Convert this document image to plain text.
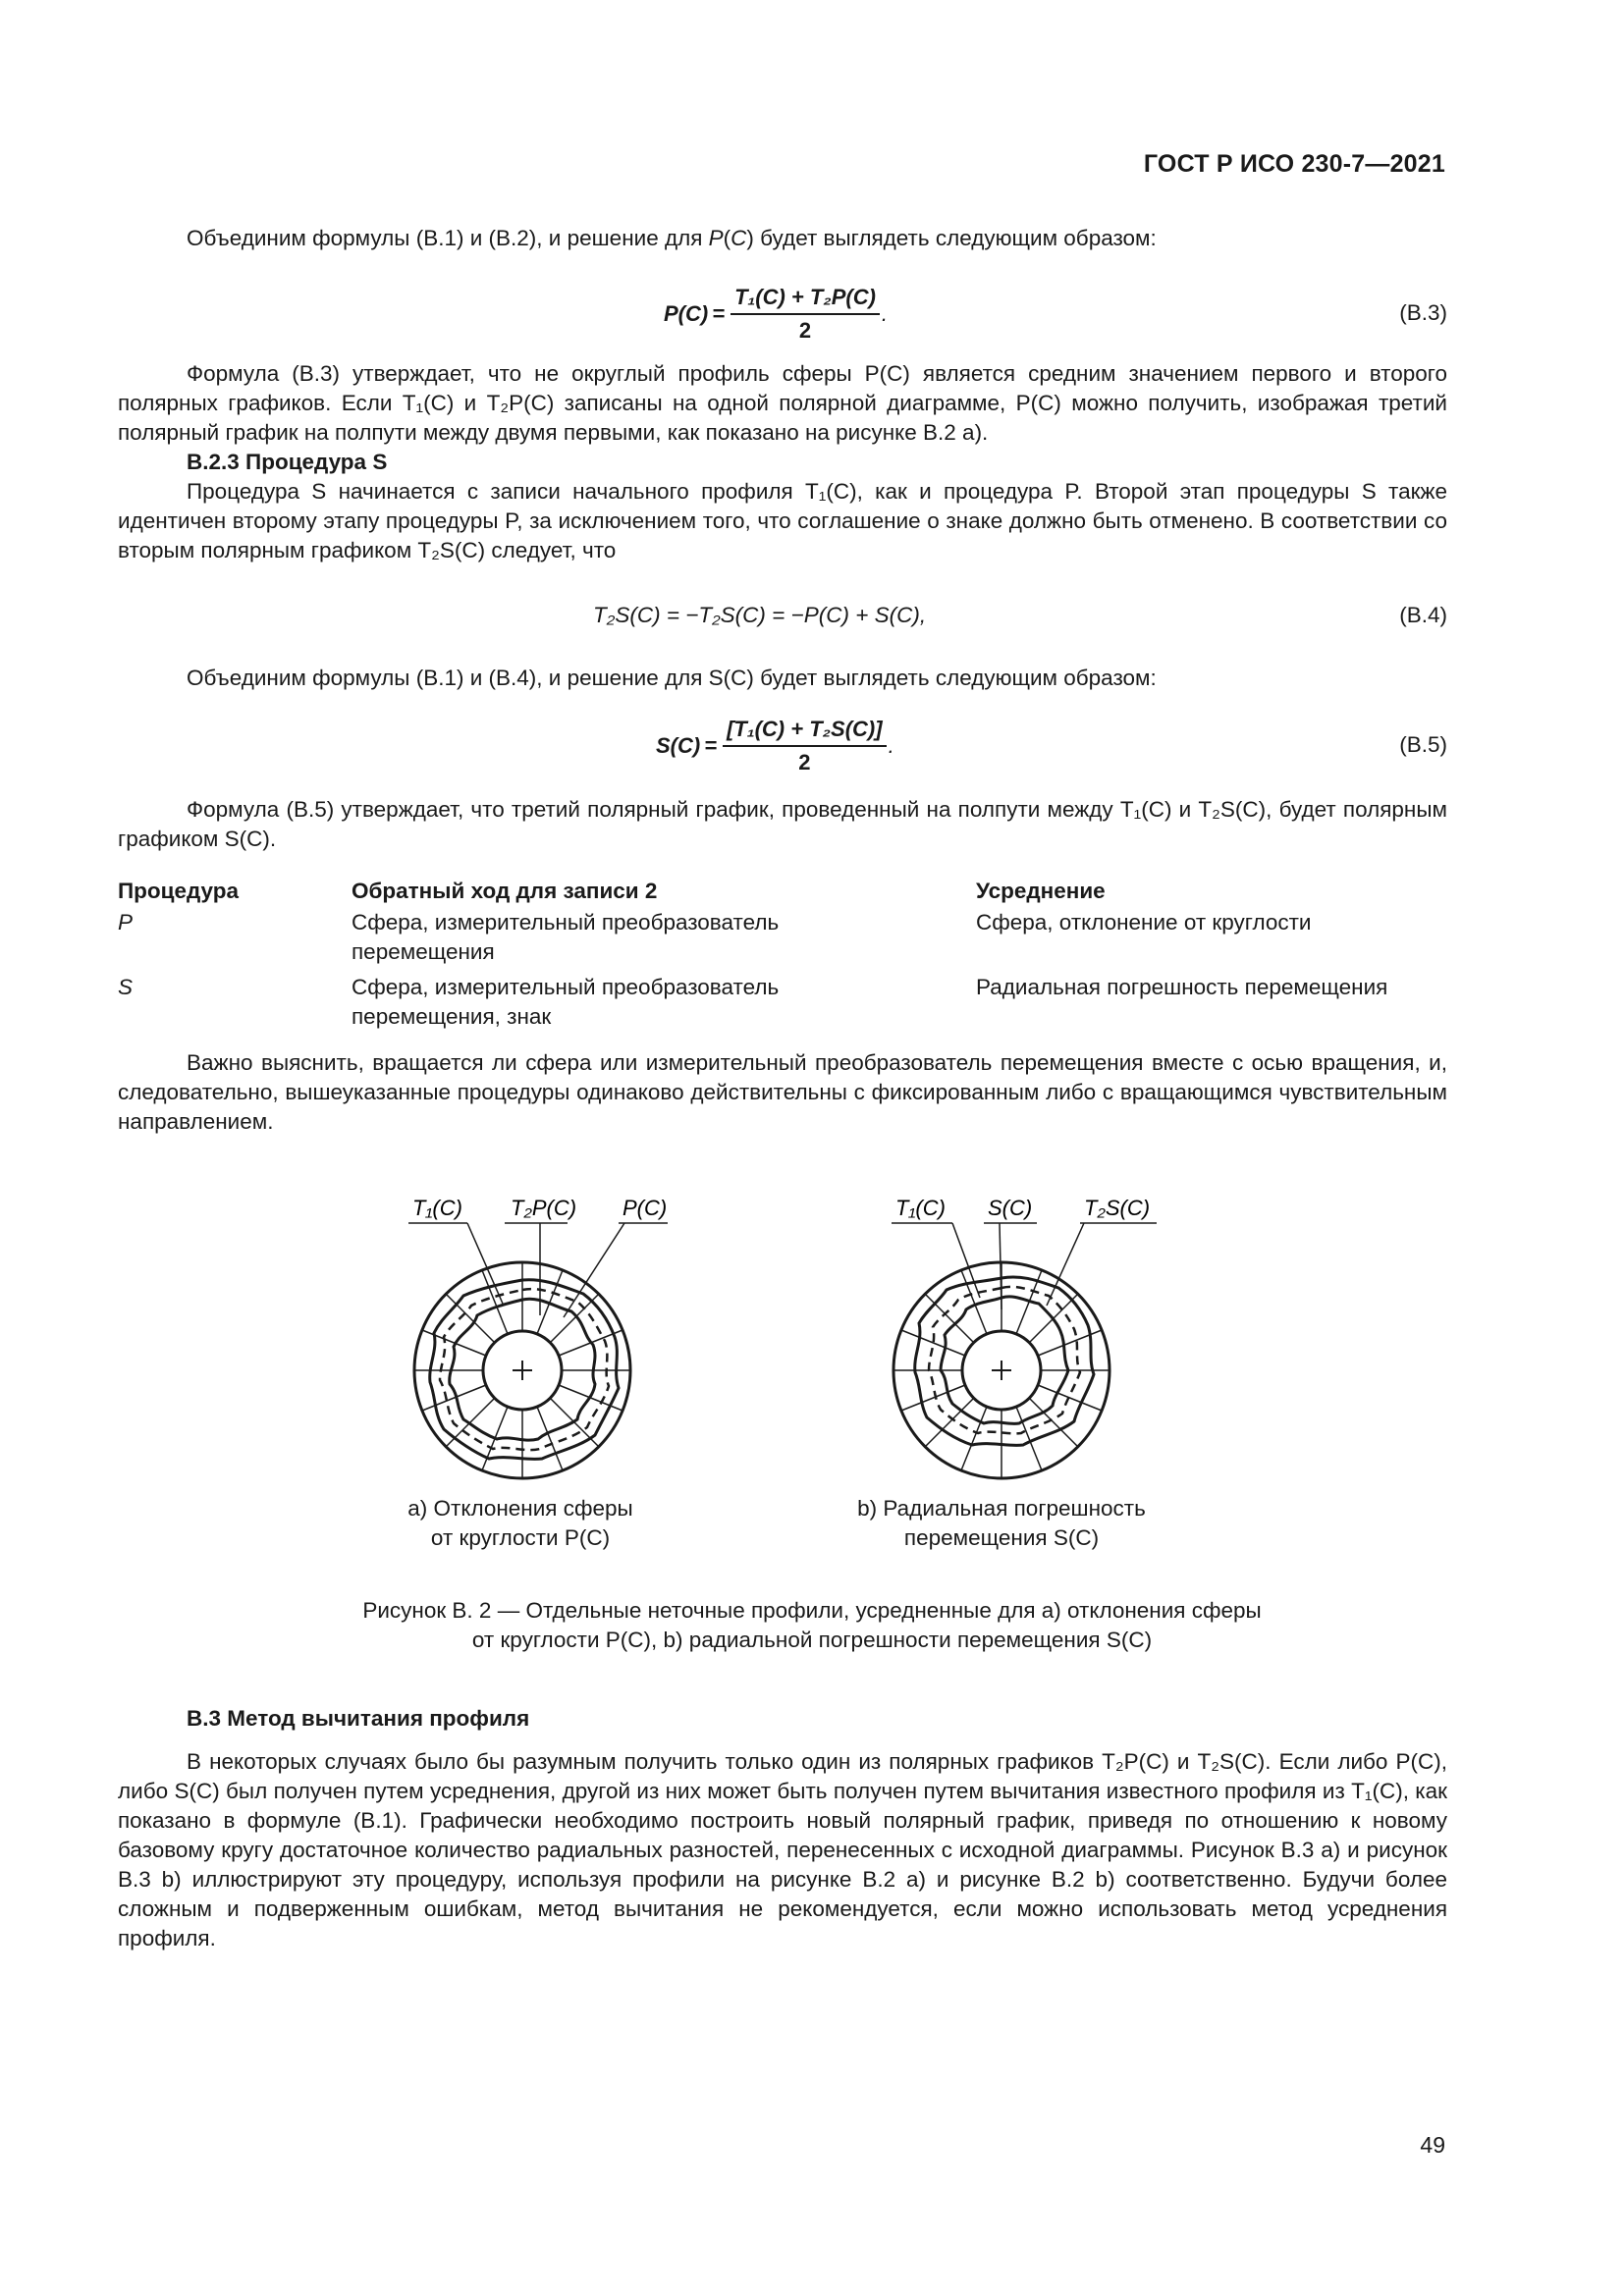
ГОСТ Р ИСО 230-7—2021

Объединим формулы (B.1) и (B.2), и решение для P(C) будет выглядеть следующим образом:

$P(C) = \frac{\text{T₁(C) + T₂P(C)}}{2}$ .	(B.3)

Формула (B.3) утверждает, что не округлый профиль сферы P(C) является средним значением первого и второго полярных графиков. Если T₁(C) и T₂P(C) записаны на одной полярной диаграмме, P(C) можно получить, изображая третий полярный график на полпути между двумя первыми, как показано на рисунке B.2 a).

B.2.3 Процедура S

Процедура S начинается с записи начального профиля T₁(C), как и процедура P. Второй этап процедуры S также идентичен второму этапу процедуры P, за исключением того, что соглашение о знаке должно быть отменено. В соответствии со вторым полярным графиком T₂S(C) следует, что

T₂S(C) = −T₂S(C) = −P(C) + S(C),	(B.4)

Объединим формулы (B.1) и (B.4), и решение для S(C) будет выглядеть следующим образом:

$S(C) = \frac{\text{[T₁(C) + T₂S(C)]}}{2}$ .	(B.5)

Формула (B.5) утверждает, что третий полярный график, проведенный на полпути между T₁(C) и T₂S(C), будет полярным графиком S(C).

Процедура	Обратный ход для записи 2	Усреднение
P	Сфера, измерительный преобразователь перемещения	Сфера, отклонение от круглости
S	Сфера, измерительный преобразователь перемещения, знак	Радиальная погрешность перемещения

Важно выяснить, вращается ли сфера или измерительный преобразователь перемещения вместе с осью вращения, и, следовательно, вышеуказанные процедуры одинаково действительны с фиксированным либо с вращающимся чувствительным направлением.

T₁(C) T₂P(C) P(C)	T₁(C) S(C) T₂S(C)
a) Отклонения сферы
от круглости P(C)
b) Радиальная погрешность
перемещения S(C)
Рисунок B. 2 — Отдельные неточные профили, усредненные для a) отклонения сферы
от круглости P(C), b) радиальной погрешности перемещения S(C)

B.3 Метод вычитания профиля

В некоторых случаях было бы разумным получить только один из полярных графиков T₂P(C) и T₂S(C). Если либо P(C), либо S(C) был получен путем усреднения, другой из них может быть получен путем вычитания известного профиля из T₁(C), как показано в формуле (B.1). Графически необходимо построить новый полярный график, приведя по отношению к новому базовому кругу достаточное количество радиальных разностей, перенесенных с исходной диаграммы. Рисунок B.3 a) и рисунок B.3 b) иллюстрируют эту процедуру, используя профили на рисунке B.2 a) и рисунке B.2 b) соответственно. Будучи более сложным и подверженным ошибкам, метод вычитания не рекомендуется, если можно использовать метод усреднения профиля.

49
